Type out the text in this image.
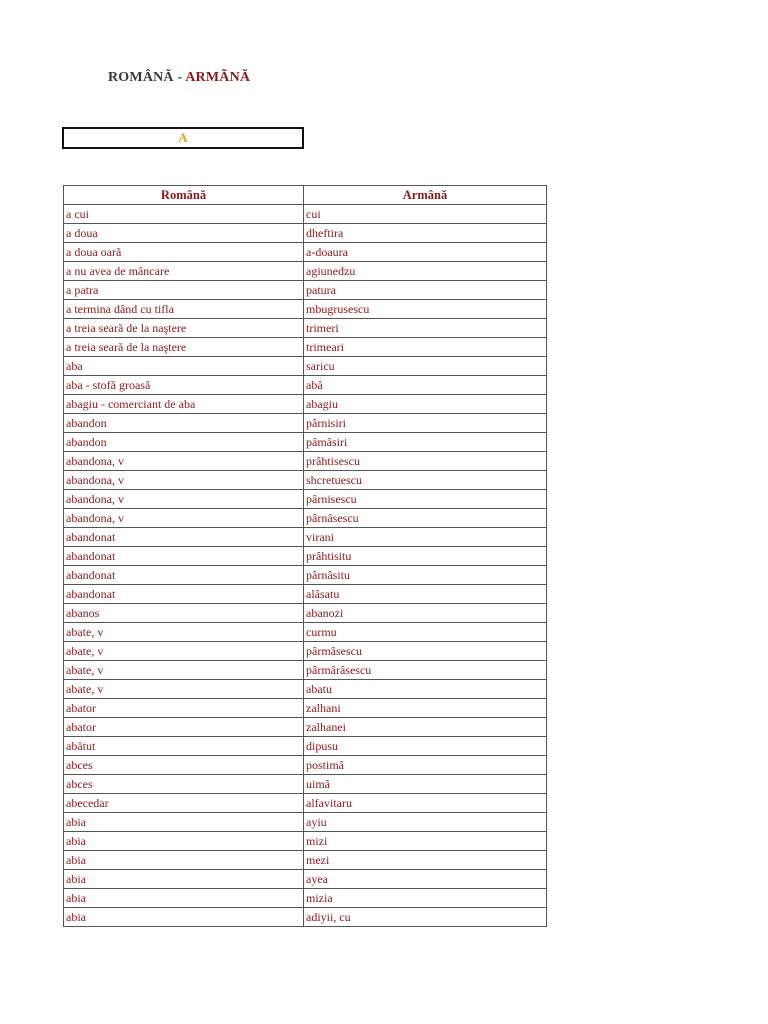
ROMÂNĂ - ARMÃNĂ
A
Română	Armână
a cui	cui
a doua	dheftira
a doua oară	a-doaura
a nu avea de mâncare	agiunedzu
a patra	patura
a termina dând cu tifla	mbugrusescu
a treia seară de la naştere	trimeri
a treia seară de la naştere	trimeari
aba	saricu
aba - stofă groasă	abâ
abagiu - comerciant de aba	abagiu
abandon	pârnisiri
abandon	pâmâsiri
abandona, v	prâhtisescu
abandona, v	shcretuescu
abandona, v	pârnisescu
abandona, v	pârnâsescu
abandonat	virani
abandonat	prâhtisitu
abandonat	pârnâsitu
abandonat	alâsatu
abanos	abanozi
abate, v	curmu
abate, v	pârmâsescu
abate, v	pârmârâsescu
abate, v	abatu
abator	zalhani
abator	zalhanei
abătut	dipusu
abces	postimâ
abces	uimâ
abecedar	alfavitaru
abia	ayiu
abia	mizi
abia	mezi
abia	ayea
abia	mizia
abia	adiyii, cu
